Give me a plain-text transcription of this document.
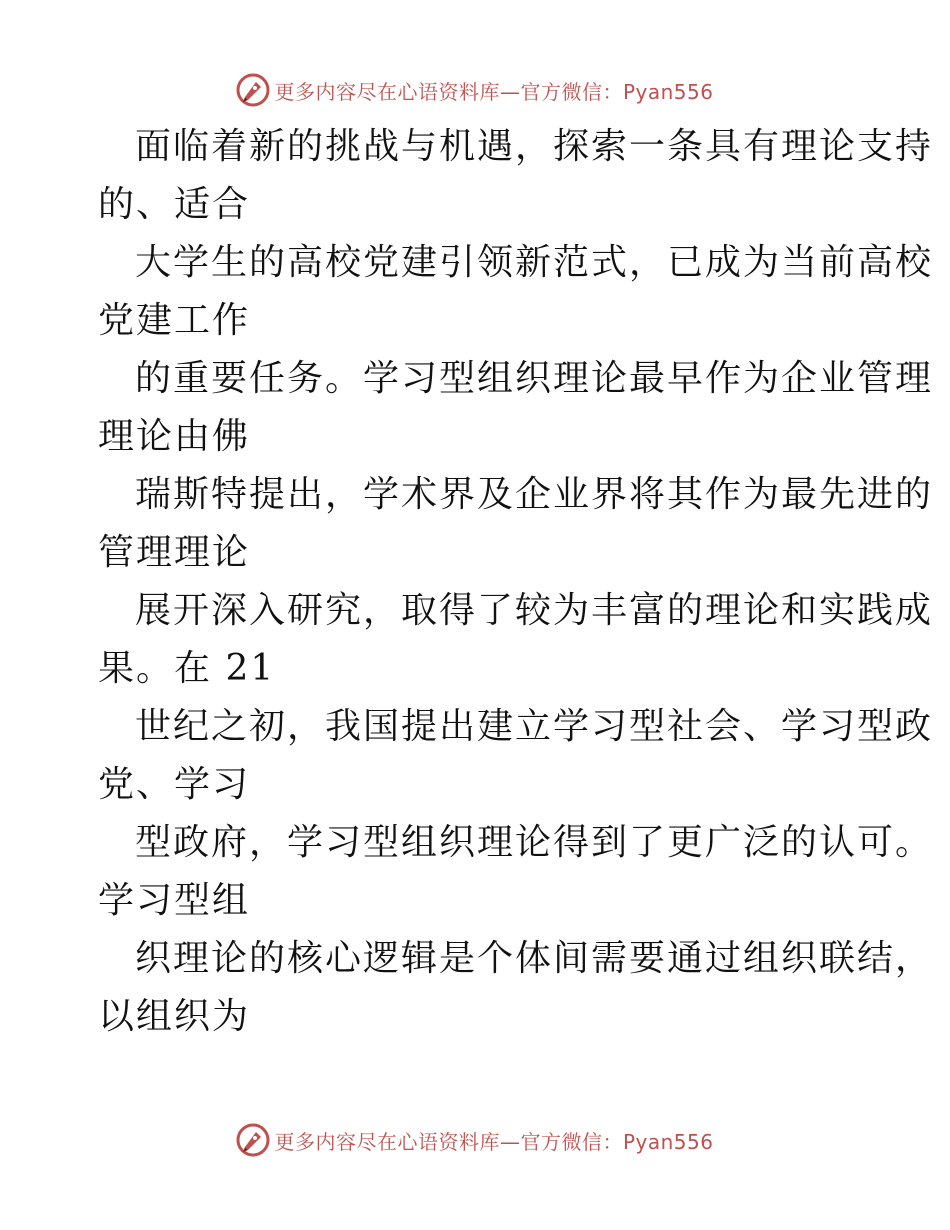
更多内容尽在心语资料库—官方微信：Pyan556

面临着新的挑战与机遇，探索一条具有理论支持
的、适合

大学生的高校党建引领新范式，已成为当前高校
党建工作

的重要任务。学习型组织理论最早作为企业管理
理论由佛

瑞斯特提出，学术界及企业界将其作为最先进的
管理理论

展开深入研究，取得了较为丰富的理论和实践成
果。在 21

世纪之初，我国提出建立学习型社会、学习型政
党、学习

型政府，学习型组织理论得到了更广泛的认可。
学习型组

织理论的核心逻辑是个体间需要通过组织联结，
以组织为

更多内容尽在心语资料库—官方微信：Pyan556
